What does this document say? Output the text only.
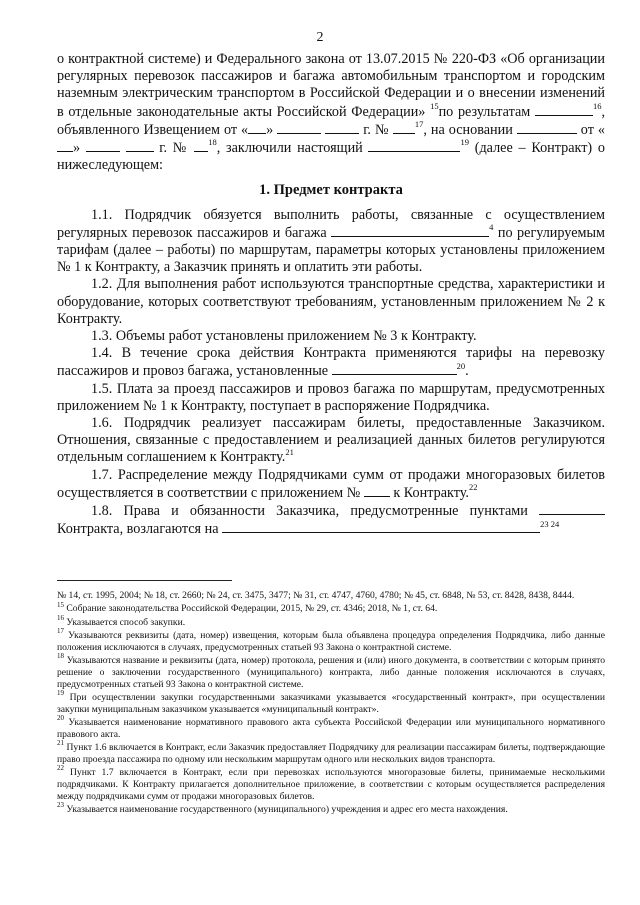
2

о контрактной системе) и Федерального закона от 13.07.2015 № 220-ФЗ «Об организации регулярных перевозок пассажиров и багажа автомобильным транспортом и городским наземным электрическим транспортом в Российской Федерации и о внесении изменений в отдельные законодательные акты Российской Федерации» $^{15}$по результатам	$^{16}$, объявленного Извещением от « »	г. №	$^{17}$, на основании	от «»	г. № $^{18}$, заключили настоящий	$^{19}$ (далее – Контракт) о нижеследующем:

1. Предмет контракта

1.1. Подрядчик обязуется выполнить работы, связанные с осуществлением регулярных перевозок пассажиров и багажа	$^4$ по регулируемым тарифам (далее – работы) по маршрутам, параметры которых установлены приложением № 1 к Контракту, а Заказчик принять и оплатить эти работы.

1.2. Для выполнения работ используются транспортные средства, характеристики и оборудование, которых соответствуют требованиям, установленным приложением № 2 к Контракту.

1.3. Объемы работ установлены приложением № 3 к Контракту.

1.4. В течение срока действия Контракта применяются тарифы на перевозку пассажиров и провоз багажа, установленные	$^{20}$.

1.5. Плата за проезд пассажиров и провоз багажа по маршрутам, предусмотренных приложением № 1 к Контракту, поступает в распоряжение Подрядчика.

1.6. Подрядчик реализует пассажирам билеты, предоставленные Заказчиком. Отношения, связанные с предоставлением и реализацией данных билетов регулируются отдельным соглашением к Контракту.$^{21}$

1.7. Распределение между Подрядчиками сумм от продажи многоразовых билетов осуществляется в соответствии с приложением №  к Контракту.$^{22}$

1.8. Права и обязанности Заказчика, предусмотренные пунктами  Контракта, возлагаются на	$^{23 24}$

№ 14, ст. 1995, 2004; № 18, ст. 2660; № 24, ст. 3475, 3477; № 31, ст. 4747, 4760, 4780; № 45, ст. 6848, № 53, ст. 8428, 8438, 8444.

$^{15}$ Собрание законодательства Российской Федерации, 2015, № 29, ст. 4346; 2018, № 1, ст. 64.

$^{16}$ Указывается способ закупки.

$^{17}$ Указываются реквизиты (дата, номер) извещения, которым была объявлена процедура определения Подрядчика, либо данные положения исключаются в случаях, предусмотренных статьей 93 Закона о контрактной системе.

$^{18}$ Указываются название и реквизиты (дата, номер) протокола, решения и (или) иного документа, в соответствии с которым принято решение о заключении государственного (муниципального) контракта, либо данные положения исключаются в случаях, предусмотренных статьей 93 Закона о контрактной системе.

$^{19}$ При осуществлении закупки государственными заказчиками указывается «государственный контракт», при осуществлении закупки муниципальным заказчиком указывается «муниципальный контракт».

$^{20}$ Указывается наименование нормативного правового акта субъекта Российской Федерации или муниципального нормативного правового акта.

$^{21}$ Пункт 1.6 включается в Контракт, если Заказчик предоставляет Подрядчику для реализации пассажирам билеты, подтверждающие право проезда пассажира по одному или нескольким маршрутам одного или нескольких видов транспорта.

$^{22}$ Пункт 1.7 включается в Контракт, если при перевозках используются многоразовые билеты, принимаемые несколькими подрядчиками. К Контракту прилагается дополнительное приложение, в соответствии с которым осуществляется распределения между подрядчиками сумм от продажи многоразовых билетов.

$^{23}$ Указывается наименование государственного (муниципального) учреждения и адрес его места нахождения.
